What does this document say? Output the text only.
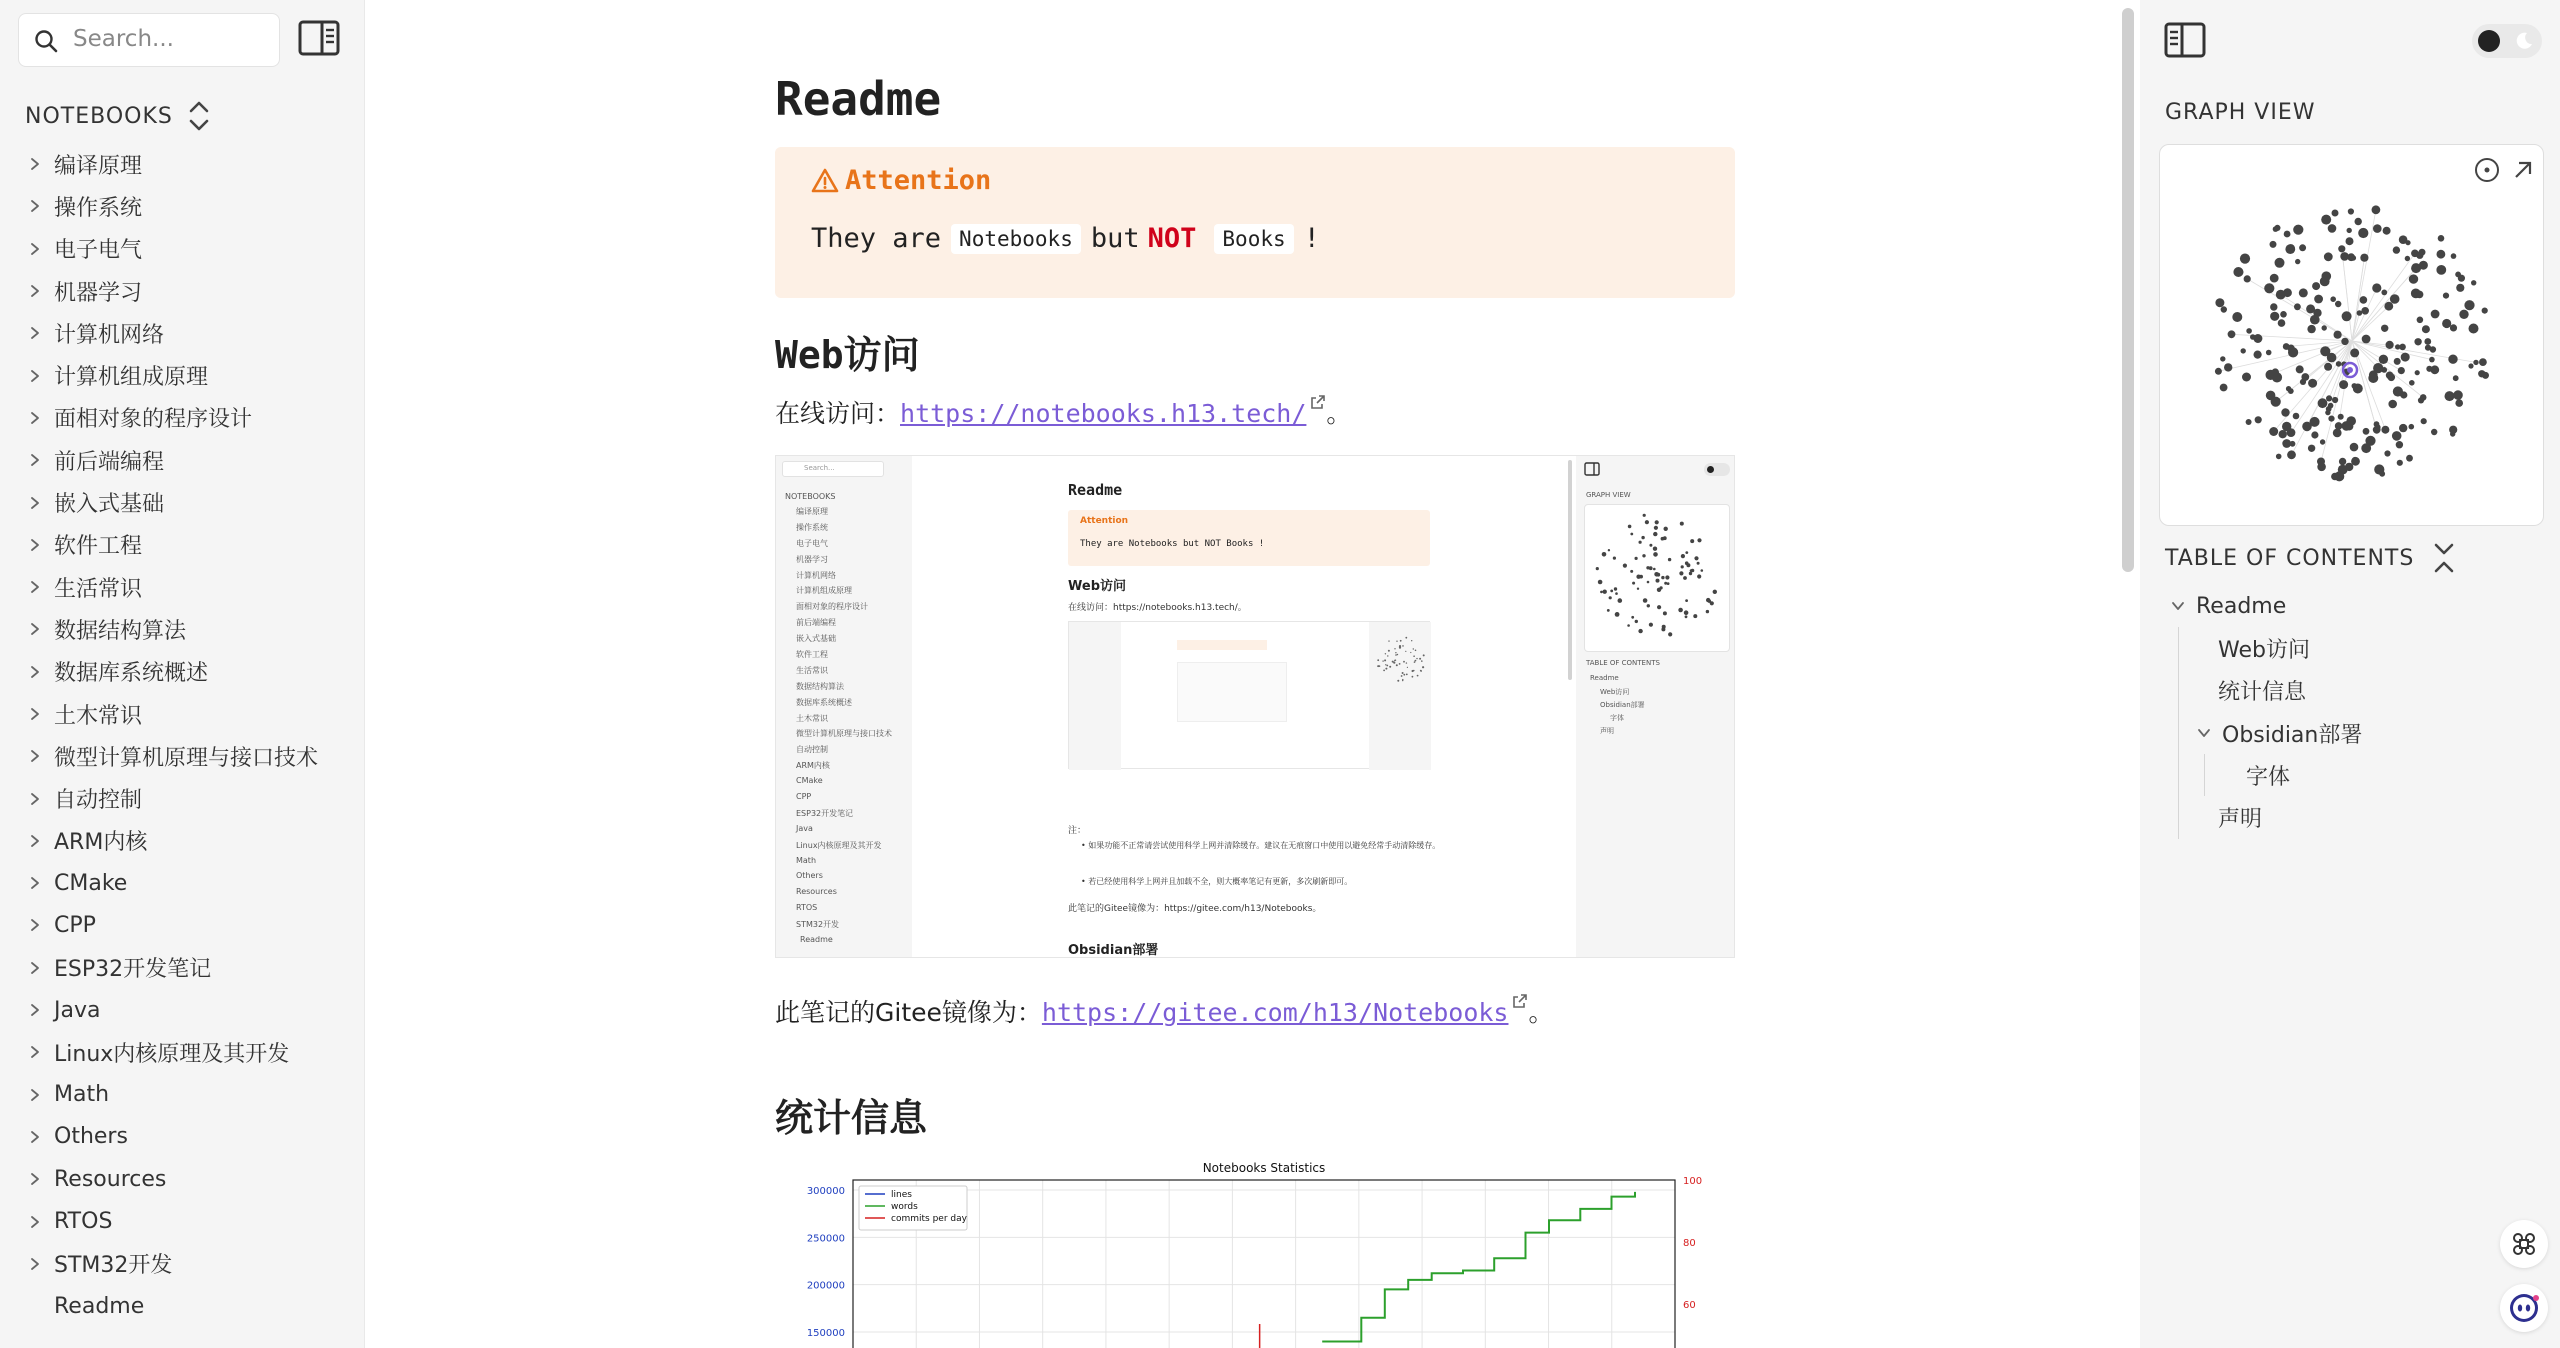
Search...
NOTEBOOKS
编译原理
操作系统
电子电气
机器学习
计算机网络
计算机组成原理
面相对象的程序设计
前后端编程
嵌入式基础
软件工程
生活常识
数据结构算法
数据库系统概述
土木常识
微型计算机原理与接口技术
自动控制
ARM内核
CMake
CPP
ESP32开发笔记
Java
Linux内核原理及其开发
Math
Others
Resources
RTOS
STM32开发
Readme
Readme
Attention
They are Notebooks but NOT	Books !
Web访问
在线访问：https://notebooks.h13.tech/ 。
Search...
NOTEBOOKS
编译原理
操作系统
电子电气
机器学习
计算机网络
计算机组成原理
面相对象的程序设计
前后端编程
嵌入式基础
软件工程
生活常识
数据结构算法
数据库系统概述
土木常识
微型计算机原理与接口技术
自动控制
ARM内核
CMake
CPP
ESP32开发笔记
Java
Linux内核原理及其开发
Math
Others
Resources
RTOS
STM32开发
Readme
Readme
Attention
They are Notebooks but NOT Books !
Web访问
在线访问：https://notebooks.h13.tech/。
注：
• 如果功能不正常请尝试使用科学上网并清除缓存。建议在无痕窗口中使用以避免经常手动清除缓存。
• 若已经使用科学上网并且加载不全，则大概率笔记有更新，多次刷新即可。
此笔记的Gitee镜像为：https://gitee.com/h13/Notebooks。
Obsidian部署
GRAPH VIEW
TABLE OF CONTENTS
Readme
Web访问
Obsidian部署
字体
声明
此笔记的Gitee镜像为：https://gitee.com/h13/Notebooks 。
统计信息
Notebooks Statistics
150000
200000
250000
300000
60
80
100
lines
words
commits per day
GRAPH VIEW
TABLE OF CONTENTS
Readme
Web访问
统计信息
Obsidian部署
字体
声明
